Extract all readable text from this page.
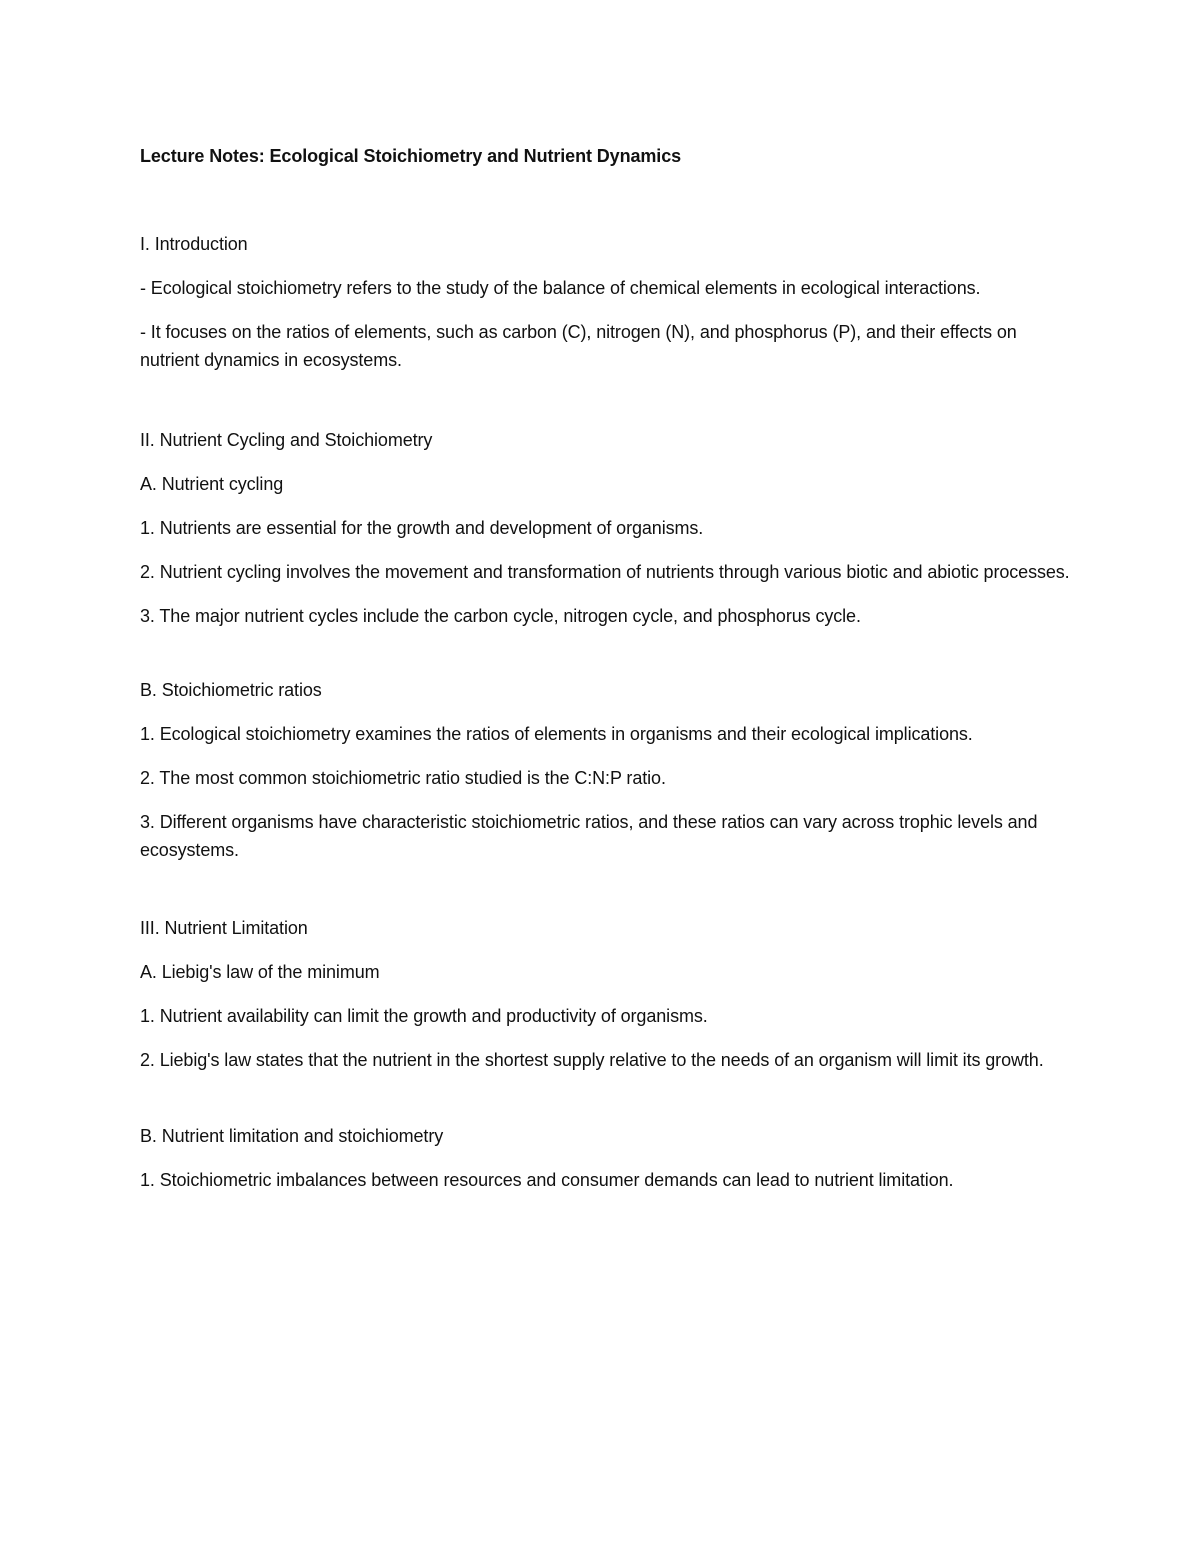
Lecture Notes: Ecological Stoichiometry and Nutrient Dynamics

I. Introduction

- Ecological stoichiometry refers to the study of the balance of chemical elements in ecological interactions.

- It focuses on the ratios of elements, such as carbon (C), nitrogen (N), and phosphorus (P), and their effects on nutrient dynamics in ecosystems.

II. Nutrient Cycling and Stoichiometry

A. Nutrient cycling

1. Nutrients are essential for the growth and development of organisms.

2. Nutrient cycling involves the movement and transformation of nutrients through various biotic and abiotic processes.

3. The major nutrient cycles include the carbon cycle, nitrogen cycle, and phosphorus cycle.

B. Stoichiometric ratios

1. Ecological stoichiometry examines the ratios of elements in organisms and their ecological implications.

2. The most common stoichiometric ratio studied is the C:N:P ratio.

3. Different organisms have characteristic stoichiometric ratios, and these ratios can vary across trophic levels and ecosystems.

III. Nutrient Limitation

A. Liebig's law of the minimum

1. Nutrient availability can limit the growth and productivity of organisms.

2. Liebig's law states that the nutrient in the shortest supply relative to the needs of an organism will limit its growth.

B. Nutrient limitation and stoichiometry

1. Stoichiometric imbalances between resources and consumer demands can lead to nutrient limitation.
